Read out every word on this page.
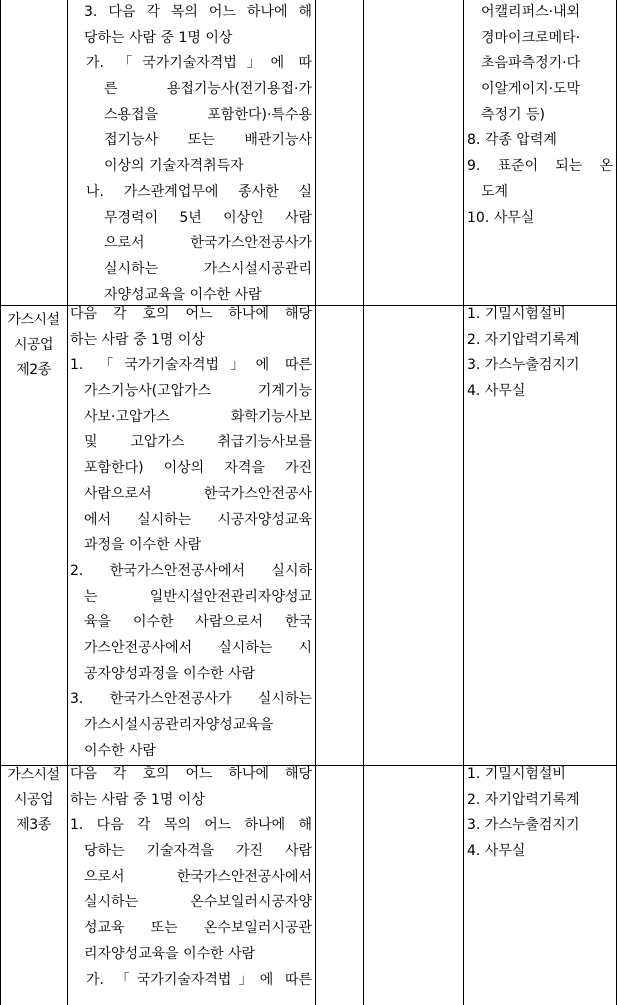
3. 다음 각 목의 어느 하나에 해
당하는 사람 중 1명 이상
가. 「국가기술자격법」에 따
른 용접기능사(전기용접·가
스용접을 포함한다)·특수용
접기능사 또는 배관기능사
이상의 기술자격취득자
나. 가스관계업무에 종사한 실
무경력이 5년 이상인 사람
으로서 한국가스안전공사가
실시하는 가스시설시공관리
자양성교육을 이수한 사람
어캘리퍼스·내외
경마이크로메타·
초음파측정기·다
이알게이지·도막
측정기 등)
8. 각종 압력계
9. 표준이 되는 온
도계
10. 사무실
가스시설
시공업
제2종
다음 각 호의 어느 하나에 해당
하는 사람 중 1명 이상
1. 「국가기술자격법」에 따른
가스기능사(고압가스 기계기능
사보·고압가스 화학기능사보
및 고압가스 취급기능사보를
포함한다) 이상의 자격을 가진
사람으로서 한국가스안전공사
에서 실시하는 시공자양성교육
과정을 이수한 사람
2. 한국가스안전공사에서 실시하
는 일반시설안전관리자양성교
육을 이수한 사람으로서 한국
가스안전공사에서 실시하는 시
공자양성과정을 이수한 사람
3. 한국가스안전공사가 실시하는
가스시설시공관리자양성교육을
이수한 사람
1. 기밀시험설비
2. 자기압력기록계
3. 가스누출검지기
4. 사무실
가스시설
시공업
제3종
다음 각 호의 어느 하나에 해당
하는 사람 중 1명 이상
1. 다음 각 목의 어느 하나에 해
당하는 기술자격을 가진 사람
으로서 한국가스안전공사에서
실시하는 온수보일러시공자양
성교육 또는 온수보일러시공관
리자양성교육을 이수한 사람
가. 「국가기술자격법」에 따른
1. 기밀시험설비
2. 자기압력기록계
3. 가스누출검지기
4. 사무실
